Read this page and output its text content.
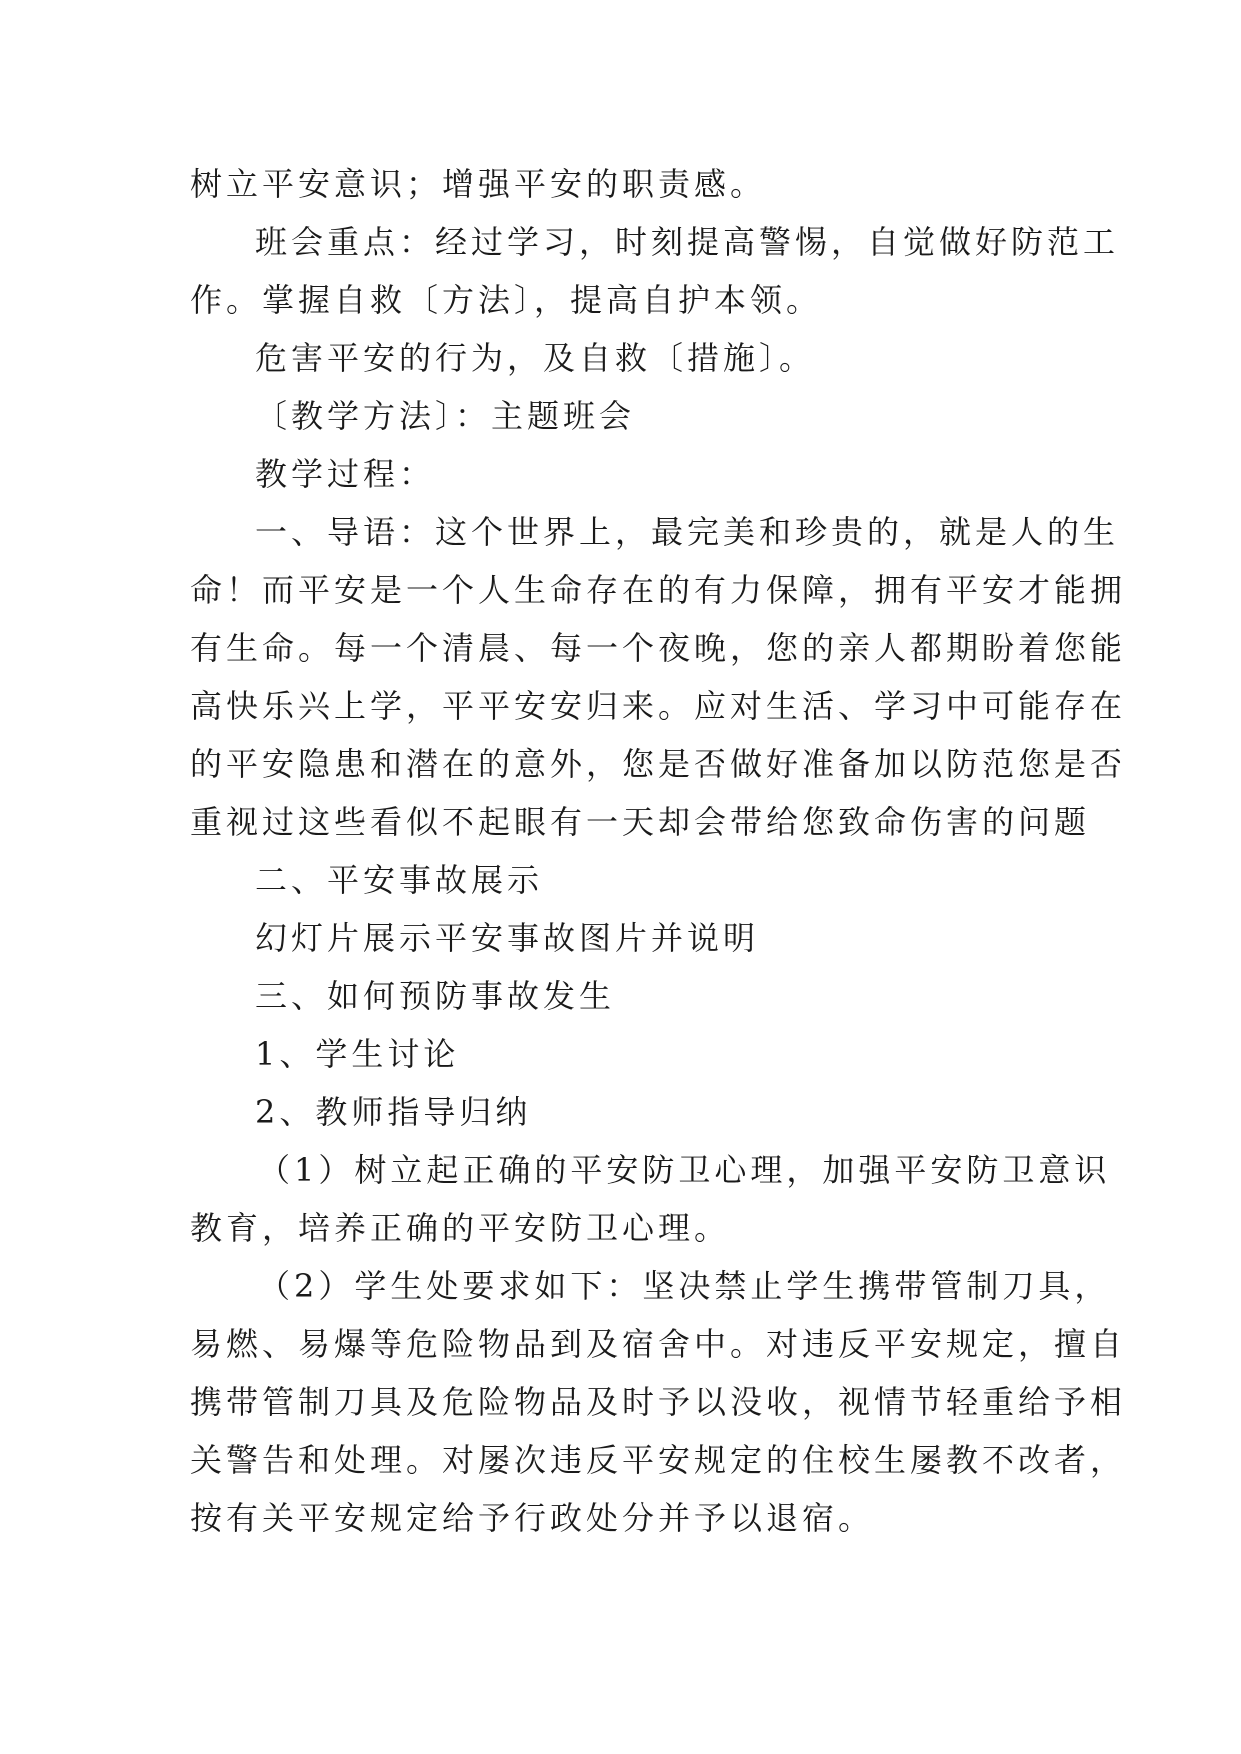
树立平安意识；增强平安的职责感。
班会重点：经过学习，时刻提高警惕，自觉做好防范工
作。掌握自救〔方法〕，提高自护本领。
危害平安的行为，及自救〔措施〕。
〔教学方法〕：主题班会
教学过程：
一、导语：这个世界上，最完美和珍贵的，就是人的生
命！而平安是一个人生命存在的有力保障，拥有平安才能拥
有生命。每一个清晨、每一个夜晚，您的亲人都期盼着您能
高快乐兴上学，平平安安归来。应对生活、学习中可能存在
的平安隐患和潜在的意外，您是否做好准备加以防范您是否
重视过这些看似不起眼有一天却会带给您致命伤害的问题
二、平安事故展示
幻灯片展示平安事故图片并说明
三、如何预防事故发生
1、学生讨论
2、教师指导归纳
（1）树立起正确的平安防卫心理，加强平安防卫意识
教育，培养正确的平安防卫心理。
（2）学生处要求如下：坚决禁止学生携带管制刀具，
易燃、易爆等危险物品到及宿舍中。对违反平安规定，擅自
携带管制刀具及危险物品及时予以没收，视情节轻重给予相
关警告和处理。对屡次违反平安规定的住校生屡教不改者，
按有关平安规定给予行政处分并予以退宿。
